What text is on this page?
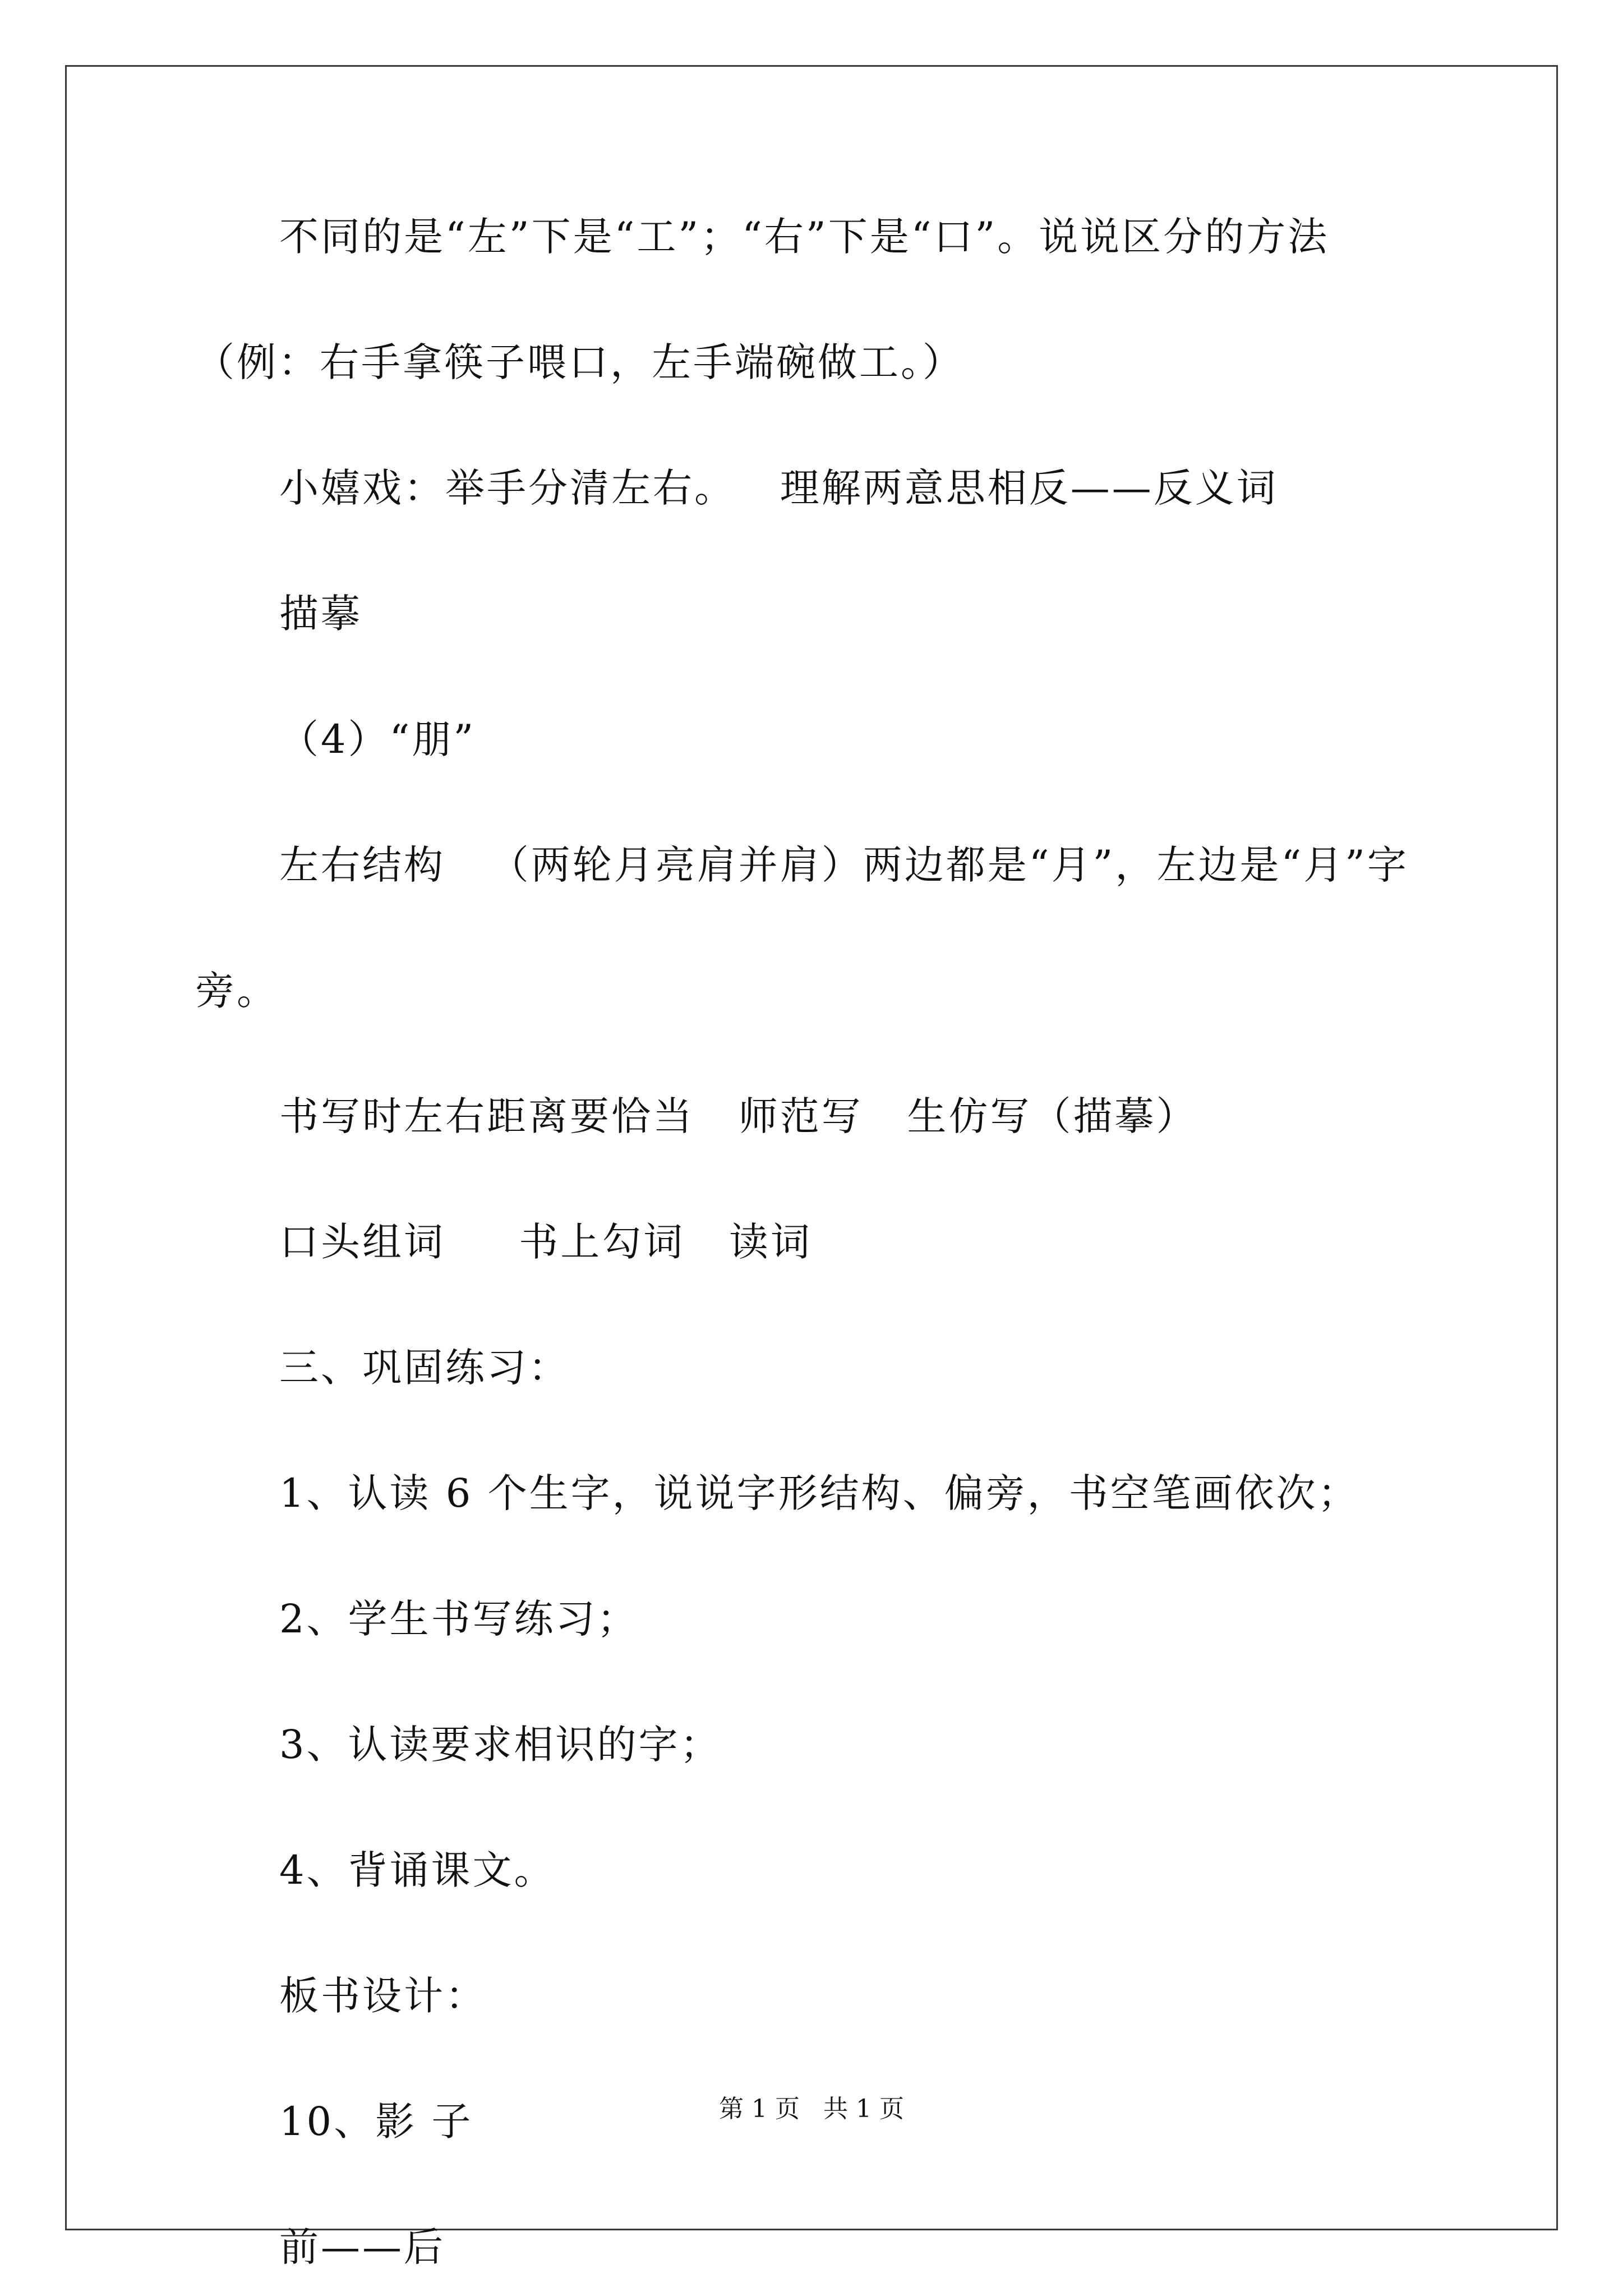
不同的是“左”下是“工”；“右”下是“口”。说说区分的方法
（例：右手拿筷子喂口，左手端碗做工。）
小嬉戏：举手分清左右。   理解两意思相反——反义词
描摹
（4）“朋”
左右结构   （两轮月亮肩并肩）两边都是“月”，左边是“月”字
旁。
书写时左右距离要恰当   师范写   生仿写（描摹）
口头组词     书上勾词   读词
三、巩固练习：
1、认读 6 个生字，说说字形结构、偏旁，书空笔画依次；
2、学生书写练习；
3、认读要求相识的字；
4、背诵课文。
板书设计：
10、影 子
前——后
第 1 页   共 1 页
